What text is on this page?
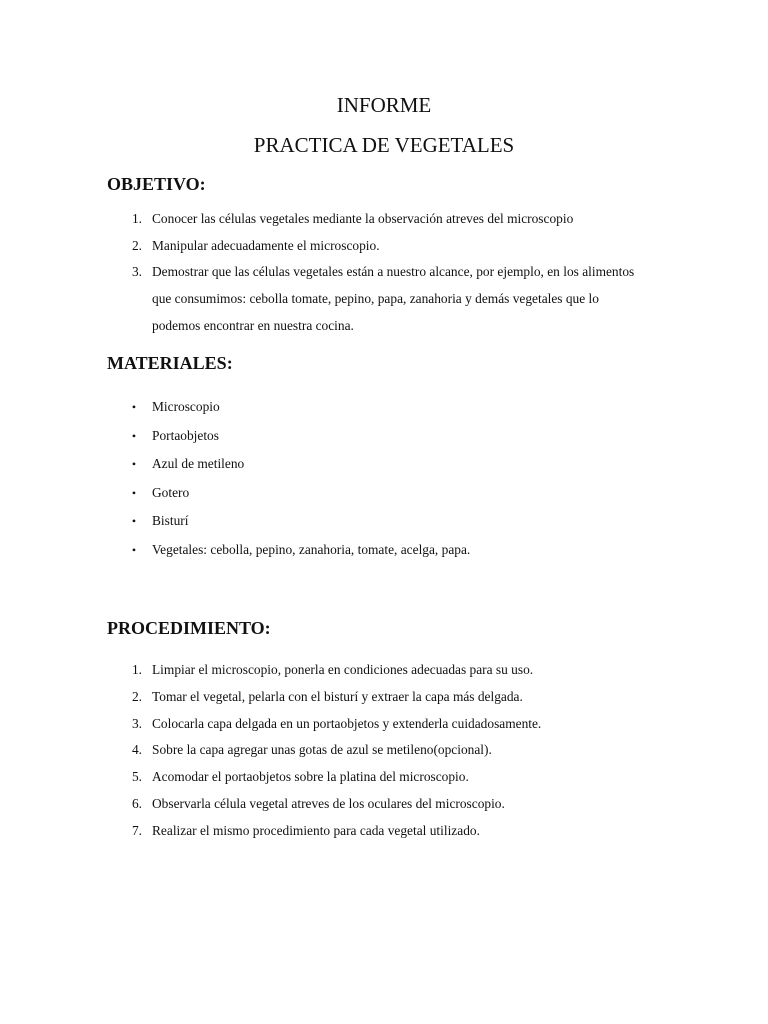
INFORME
PRACTICA DE VEGETALES
OBJETIVO:
1. Conocer las células vegetales mediante la observación atreves del microscopio
2. Manipular adecuadamente el microscopio.
3. Demostrar que las células vegetales están a nuestro alcance, por ejemplo, en los alimentos que consumimos: cebolla tomate, pepino, papa, zanahoria y demás vegetales que lo podemos encontrar en nuestra cocina.
MATERIALES:
• Microscopio
• Portaobjetos
• Azul de metileno
• Gotero
• Bisturí
• Vegetales: cebolla, pepino, zanahoria, tomate, acelga, papa.
PROCEDIMIENTO:
1. Limpiar el microscopio, ponerla en condiciones adecuadas para su uso.
2. Tomar el vegetal, pelarla con el bisturí y extraer la capa más delgada.
3. Colocarla capa delgada en un portaobjetos y extenderla cuidadosamente.
4. Sobre la capa agregar unas gotas de azul se metileno(opcional).
5. Acomodar el portaobjetos sobre la platina del microscopio.
6. Observarla célula vegetal atreves de los oculares del microscopio.
7. Realizar el mismo procedimiento para cada vegetal utilizado.
